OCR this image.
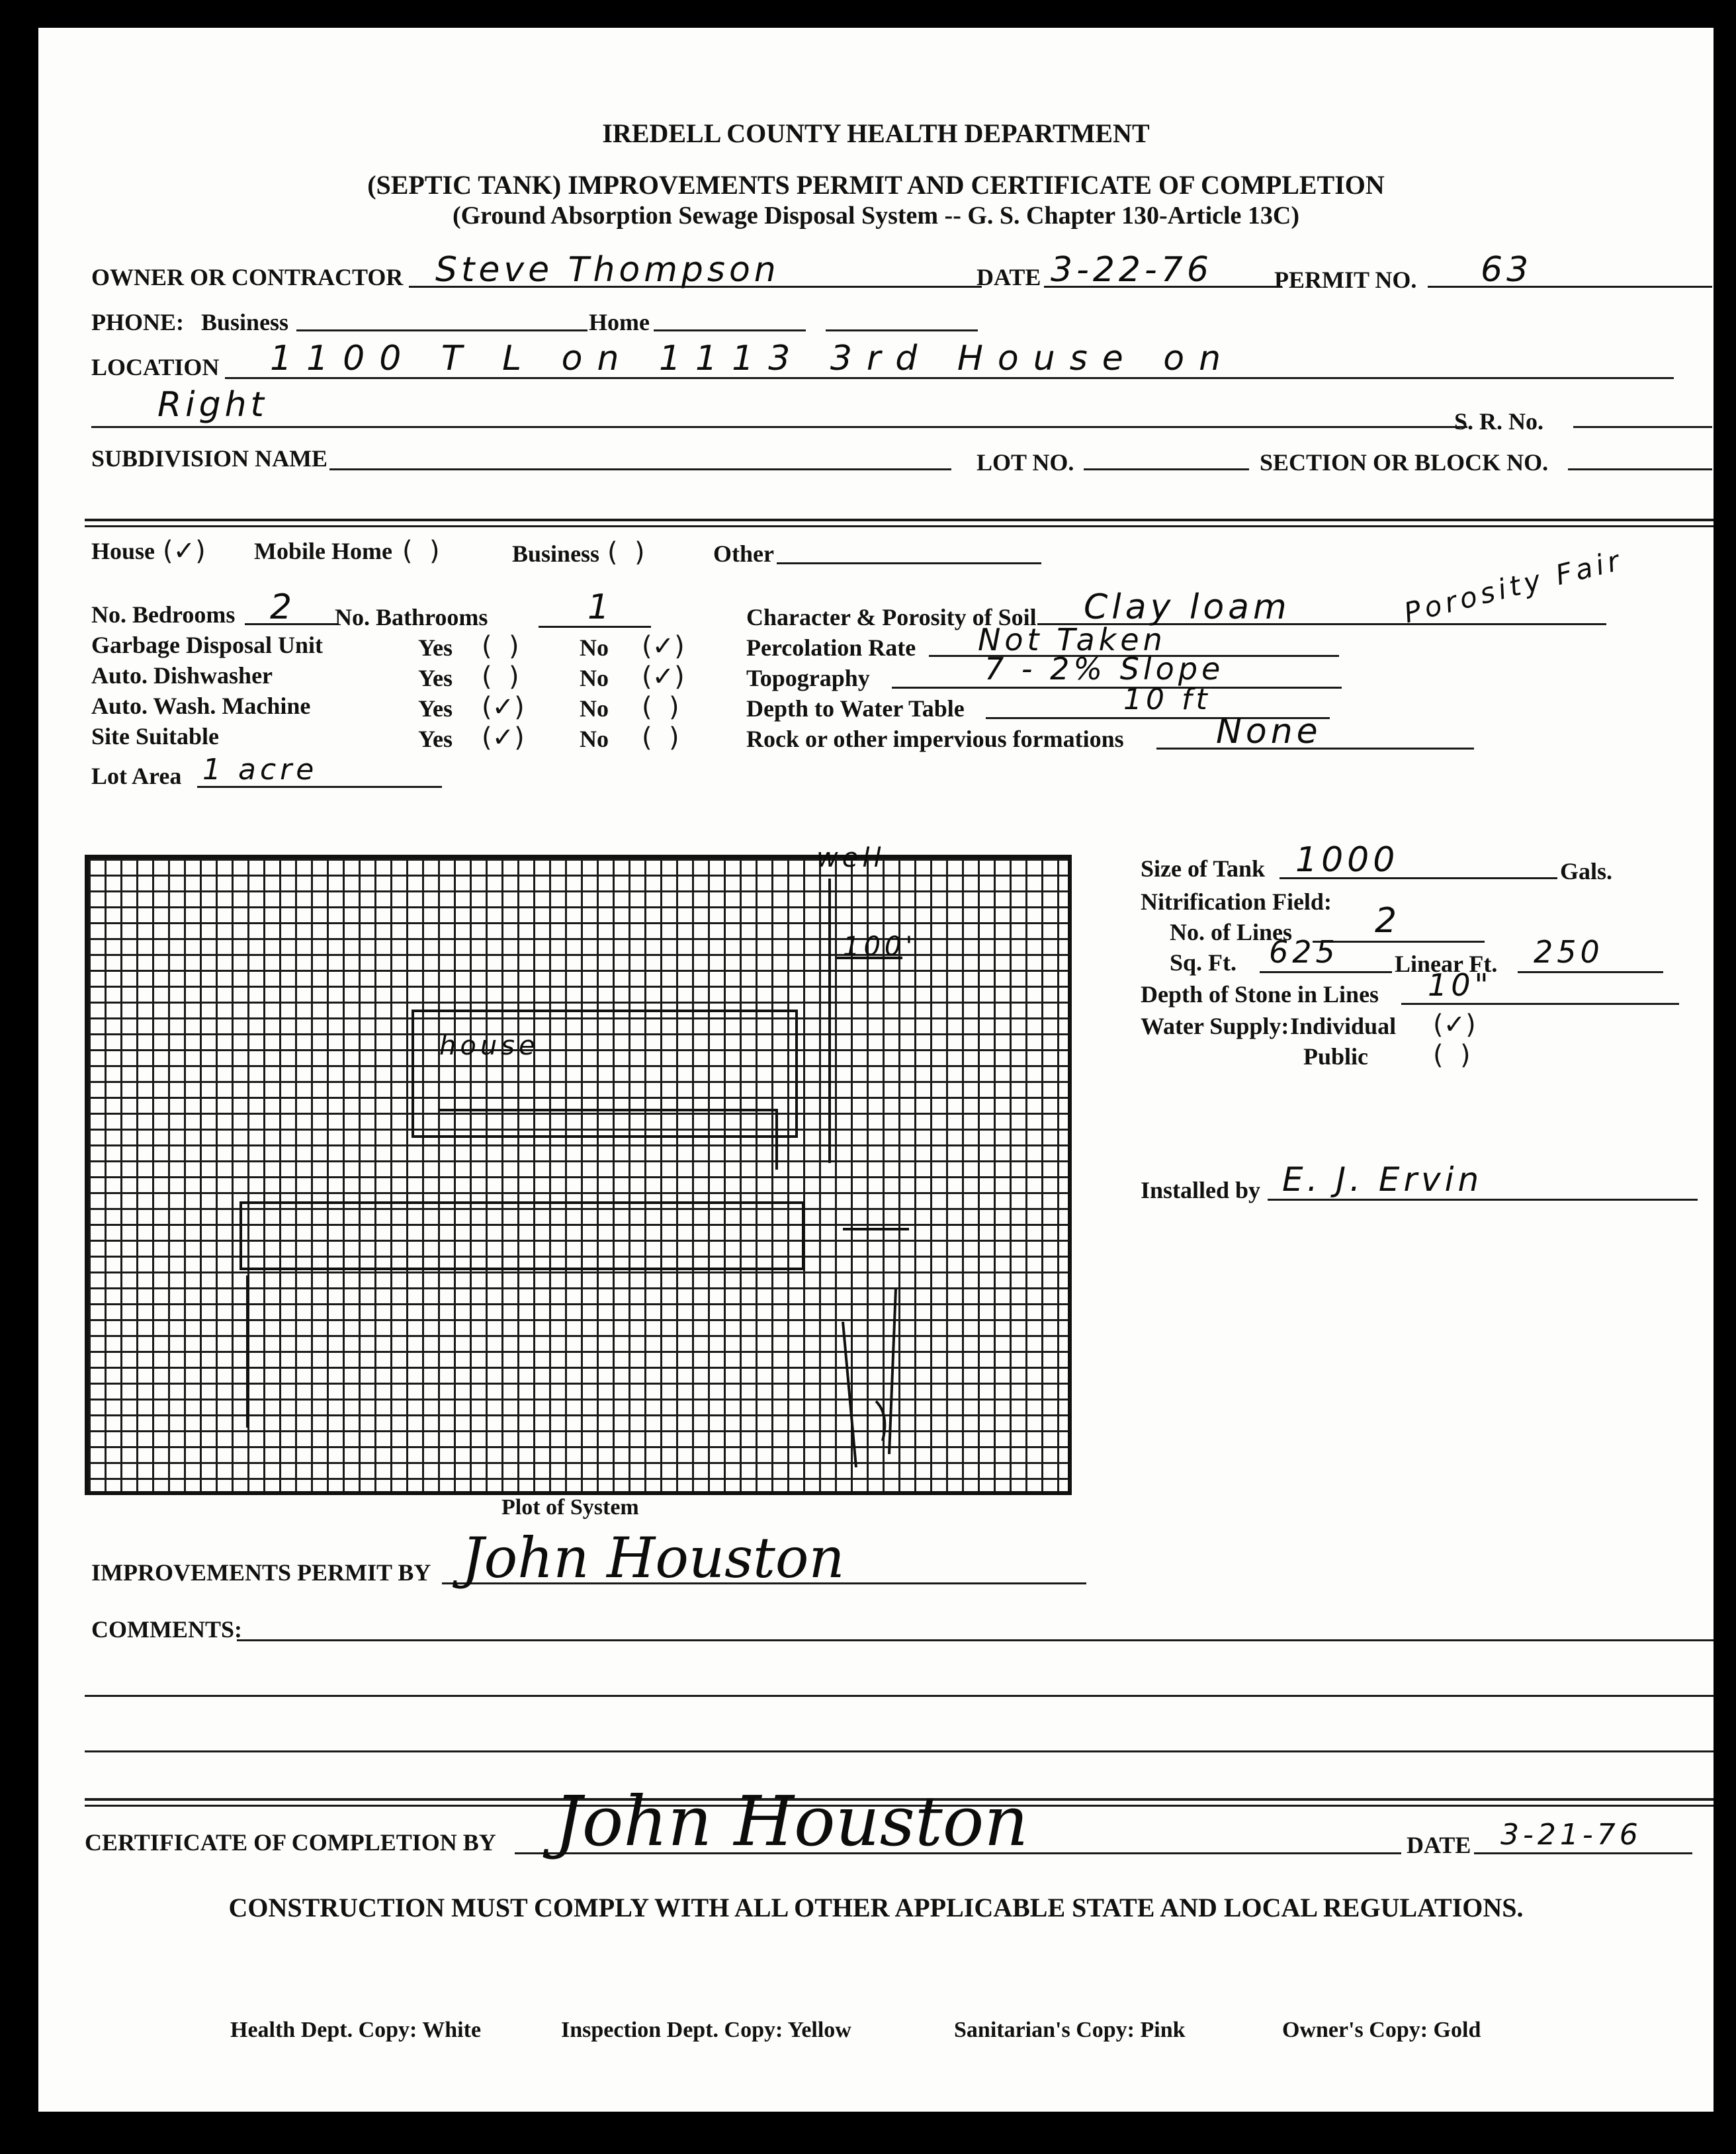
IREDELL COUNTY HEALTH DEPARTMENT
(SEPTIC TANK) IMPROVEMENTS PERMIT AND CERTIFICATE OF COMPLETION
(Ground Absorption Sewage Disposal System -- G. S. Chapter 130-Article 13C)
OWNER OR CONTRACTOR Steve Thompson	DATE 3-22-76	PERMIT NO. 63
PHONE: Business	Home
LOCATION 1100 T L on 1113 3rd House on
Right	S. R. No.
SUBDIVISION NAME	LOT NO.	SECTION OR BLOCK NO.
House (✓) Mobile Home (  )	Business (  )	Other
No. Bedrooms 2 No. Bathrooms	1
Garbage Disposal Unit	Yes (  )	No (✓)
Auto. Dishwasher	Yes (  )	No (✓)
Auto. Wash. Machine	Yes (✓) No (  )
Site Suitable	Yes (✓) No (  )
Lot Area 1 acre
Character & Porosity of Soil Clay loam	Porosity Fair
Percolation Rate Not Taken
Topography	7 - 2% Slope
Depth to Water Table	10 ft
Rock or other impervious formations	None
well
100'
house
Plot of System
Size of Tank 1000	Gals.
Nitrification Field:
No. of Lines 2
Sq. Ft. 625 Linear Ft. 250
Depth of Stone in Lines 10"
Water Supply: Individual (✓)
Public (  )
Installed by E. J. Ervin
IMPROVEMENTS PERMIT BY John Houston
COMMENTS:
CERTIFICATE OF COMPLETION BY John Houston	DATE 3-21-76
CONSTRUCTION MUST COMPLY WITH ALL OTHER APPLICABLE STATE AND LOCAL REGULATIONS.
Health Dept. Copy: White	Inspection Dept. Copy: Yellow	Sanitarian's Copy: Pink	Owner's Copy: Gold
